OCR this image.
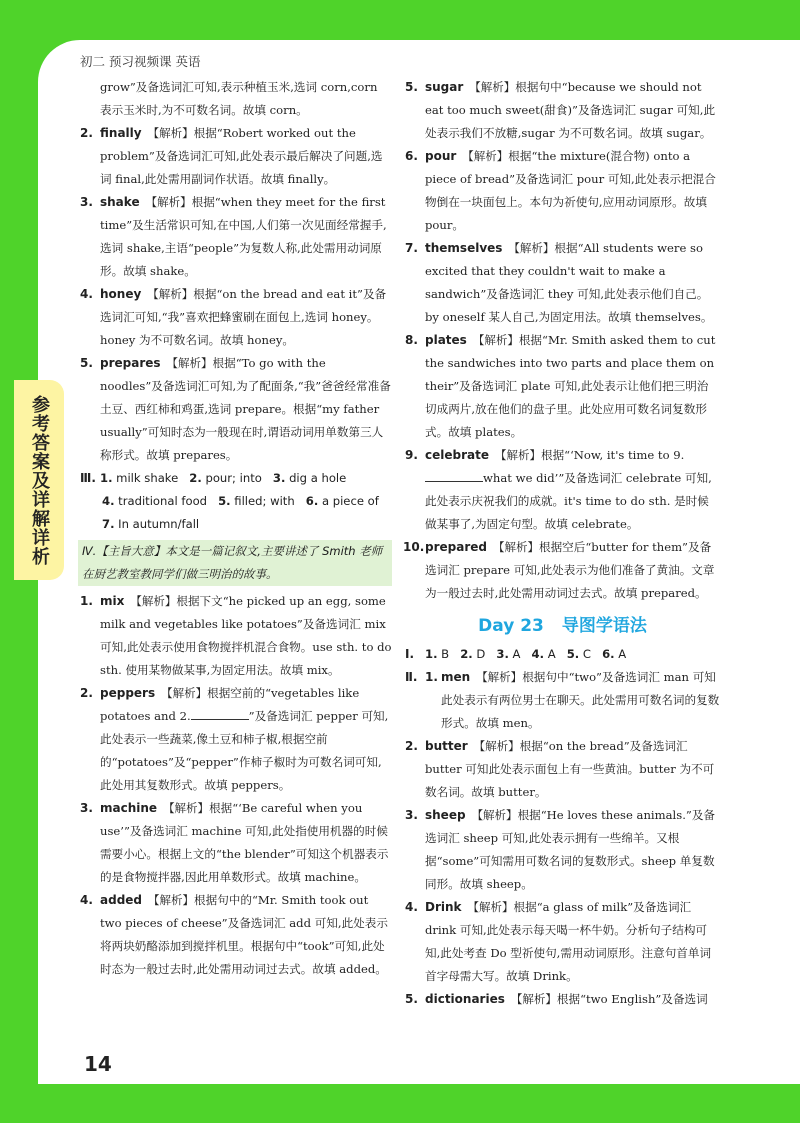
初二 预习视频课 英语
参考答案及详解详析
grow”及备选词汇可知,表示种植玉米,选词 corn,corn 表示玉米时,为不可数名词。故填 corn。
2. finally 【解析】根据“Robert worked out the problem”及备选词汇可知,此处表示最后解决了问题,选词 final,此处需用副词作状语。故填 finally。
3. shake 【解析】根据“when they meet for the first time”及生活常识可知,在中国,人们第一次见面经常握手,选词 shake,主语“people”为复数人称,此处需用动词原形。故填 shake。
4. honey 【解析】根据“on the bread and eat it”及备选词汇可知,“我”喜欢把蜂蜜刷在面包上,选词 honey。honey 为不可数名词。故填 honey。
5. prepares 【解析】根据“To go with the noodles”及备选词汇可知,为了配面条,“我”爸爸经常准备土豆、西红柿和鸡蛋,选词 prepare。根据“my father usually”可知时态为一般现在时,谓语动词用单数第三人称形式。故填 prepares。
Ⅲ. 1. milk shake 2. pour; into 3. dig a hole
4. traditional food 5. filled; with 6. a piece of
7. In autumn/fall
Ⅳ.【主旨大意】本文是一篇记叙文,主要讲述了 Smith 老师在厨艺教室教同学们做三明治的故事。
1. mix 【解析】根据下文“he picked up an egg, some milk and vegetables like potatoes”及备选词汇 mix 可知,此处表示使用食物搅拌机混合食物。use sth. to do sth. 使用某物做某事,为固定用法。故填 mix。
2. peppers 【解析】根据空前的“vegetables like potatoes and 2.	”及备选词汇 pepper 可知,此处表示一些蔬菜,像土豆和柿子椒,根据空前的“potatoes”及“pepper”作柿子椒时为可数名词可知,此处用其复数形式。故填 peppers。
3. machine 【解析】根据“‘Be careful when you use’”及备选词汇 machine 可知,此处指使用机器的时候需要小心。根据上文的“the blender”可知这个机器表示的是食物搅拌器,因此用单数形式。故填 machine。
4. added 【解析】根据句中的“Mr. Smith took out two pieces of cheese”及备选词汇 add 可知,此处表示将两块奶酪添加到搅拌机里。根据句中“took”可知,此处时态为一般过去时,此处需用动词过去式。故填 added。
5. sugar 【解析】根据句中“because we should not eat too much sweet(甜食)”及备选词汇 sugar 可知,此处表示我们不放糖,sugar 为不可数名词。故填 sugar。
6. pour 【解析】根据“the mixture(混合物) onto a piece of bread”及备选词汇 pour 可知,此处表示把混合物倒在一块面包上。本句为祈使句,应用动词原形。故填 pour。
7. themselves 【解析】根据“All students were so excited that they couldn't wait to make a sandwich”及备选词汇 they 可知,此处表示他们自己。by oneself 某人自己,为固定用法。故填 themselves。
8. plates 【解析】根据“Mr. Smith asked them to cut the sandwiches into two parts and place them on their”及备选词汇 plate 可知,此处表示让他们把三明治切成两片,放在他们的盘子里。此处应用可数名词复数形式。故填 plates。
9. celebrate 【解析】根据“‘Now, it's time to 9.what we did’”及备选词汇 celebrate 可知,此处表示庆祝我们的成就。it's time to do sth. 是时候做某事了,为固定句型。故填 celebrate。
10. prepared 【解析】根据空后“butter for them”及备选词汇 prepare 可知,此处表示为他们准备了黄油。文章为一般过去时,此处需用动词过去式。故填 prepared。
Day 23 导图学语法
Ⅰ. 1. B 2. D 3. A 4. A 5. C 6. A
Ⅱ. 1. men 【解析】根据句中“two”及备选词汇 man 可知此处表示有两位男士在聊天。此处需用可数名词的复数形式。故填 men。
2. butter 【解析】根据“on the bread”及备选词汇 butter 可知此处表示面包上有一些黄油。butter 为不可数名词。故填 butter。
3. sheep 【解析】根据“He loves these animals.”及备选词汇 sheep 可知,此处表示拥有一些绵羊。又根据“some”可知需用可数名词的复数形式。sheep 单复数同形。故填 sheep。
4. Drink 【解析】根据“a glass of milk”及备选词汇 drink 可知,此处表示每天喝一杯牛奶。分析句子结构可知,此处考查 Do 型祈使句,需用动词原形。注意句首单词首字母需大写。故填 Drink。
5. dictionaries 【解析】根据“two English”及备选词
14
